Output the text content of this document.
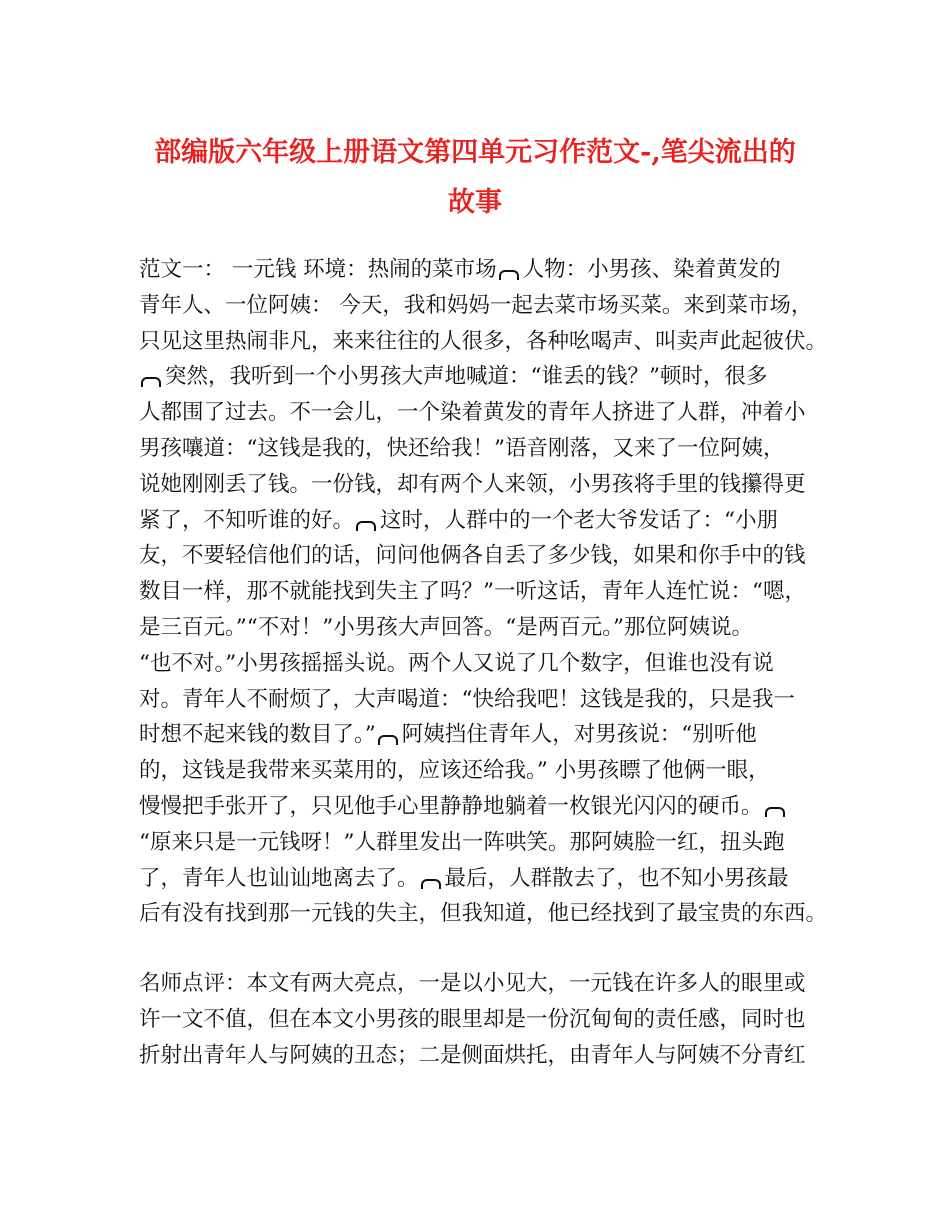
部编版六年级上册语文第四单元习作范文-,笔尖流出的
故事
范文一： 一元钱 环境：热闹的菜市场 人物：小男孩、染着黄发的
青年人、一位阿姨： 今天，我和妈妈一起去菜市场买菜。来到菜市场，
只见这里热闹非凡，来来往往的人很多，各种吆喝声、叫卖声此起彼伏。
突然，我听到一个小男孩大声地喊道：“谁丢的钱？”顿时，很多
人都围了过去。不一会儿，一个染着黄发的青年人挤进了人群，冲着小
男孩嚷道：“这钱是我的，快还给我！”语音刚落，又来了一位阿姨，
说她刚刚丢了钱。一份钱，却有两个人来领，小男孩将手里的钱攥得更
紧了，不知听谁的好。 这时，人群中的一个老大爷发话了：“小朋
友，不要轻信他们的话，问问他俩各自丢了多少钱，如果和你手中的钱
数目一样，那不就能找到失主了吗？”一听这话，青年人连忙说：“嗯，
是三百元。”“不对！”小男孩大声回答。“是两百元。”那位阿姨说。
“也不对。”小男孩摇摇头说。两个人又说了几个数字，但谁也没有说
对。青年人不耐烦了，大声喝道：“快给我吧！这钱是我的，只是我一
时想不起来钱的数目了。” 阿姨挡住青年人，对男孩说：“别听他
的，这钱是我带来买菜用的，应该还给我。” 小男孩瞟了他俩一眼，
慢慢把手张开了，只见他手心里静静地躺着一枚银光闪闪的硬币。
“原来只是一元钱呀！”人群里发出一阵哄笑。那阿姨脸一红，扭头跑
了，青年人也讪讪地离去了。 最后，人群散去了，也不知小男孩最
后有没有找到那一元钱的失主，但我知道，他已经找到了最宝贵的东西。
名师点评：本文有两大亮点，一是以小见大，一元钱在许多人的眼里或
许一文不值，但在本文小男孩的眼里却是一份沉甸甸的责任感，同时也
折射出青年人与阿姨的丑态；二是侧面烘托，由青年人与阿姨不分青红
